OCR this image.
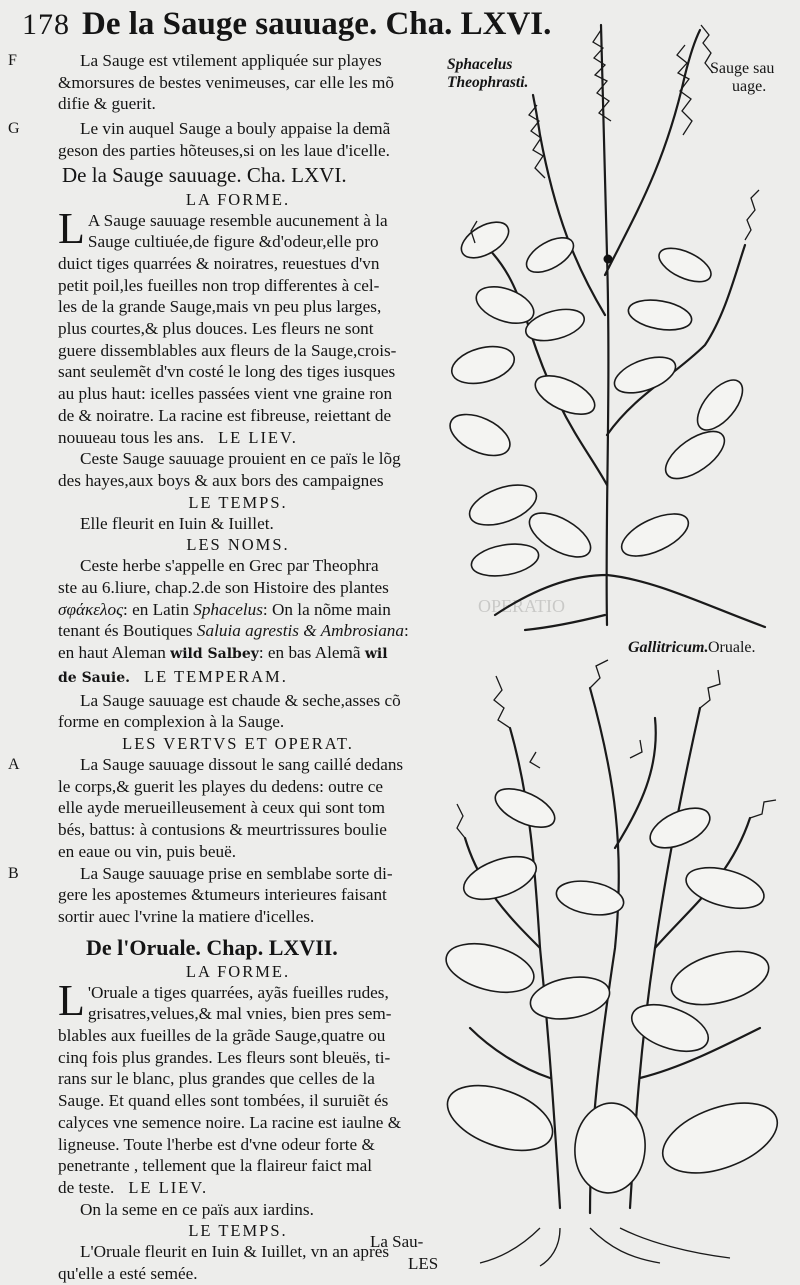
178 De la Sauge sauuage. Cha. LXVI.
OPERATIO
Sphacelus
Theophrasti.
Sauge sau
uage.
Gallitricum. Oruale.
F	La Sauge est vtilement appliquée sur playes
&morsures de bestes venimeuses, car elle les mõ
difie & guerit.
G	Le vin auquel Sauge a bouly appaise la demã
geson des parties hõteuses,si on les laue d'icelle.
De la Sauge sauuage. Cha. LXVI.
LA FORME.
L A Sauge sauuage resemble aucunement à la
Sauge cultiuée,de figure &d'odeur,elle pro
duict tiges quarrées & noiratres, reuestues d'vn
petit poil,les fueilles non trop differentes à cel-
les de la grande Sauge,mais vn peu plus larges,
plus courtes,& plus douces. Les fleurs ne sont
guere dissemblables aux fleurs de la Sauge,crois-
sant seulemẽt d'vn costé le long des tiges iusques
au plus haut: icelles passées vient vne graine ron
de & noiratre. La racine est fibreuse, reiettant de
nouueau tous les ans. LE LIEV.
Ceste Sauge sauuage prouient en ce païs le lõg
des hayes,aux boys & aux bors des campaignes
LE TEMPS.
Elle fleurit en Iuin & Iuillet.
LES NOMS.
Ceste herbe s'appelle en Grec par Theophra
ste au 6.liure, chap.2.de son Histoire des plantes
σφάκελος: en Latin Sphacelus: On la nõme main
tenant és Boutiques Saluia agrestis & Ambrosiana:
en haut Aleman wild Salbey: en bas Alemã wil
de Sauie. LE TEMPERAM.
La Sauge sauuage est chaude & seche,asses cõ
forme en complexion à la Sauge.
LES VERTVS ET OPERAT.
A	La Sauge sauuage dissout le sang caillé dedans
le corps,& guerit les playes du dedens: outre ce
elle ayde merueilleusement à ceux qui sont tom
bés, battus: à contusions & meurtrissures boulie
en eaue ou vin, puis beuë.
B	La Sauge sauuage prise en semblabe sorte di-
gere les apostemes &tumeurs interieures faisant
sortir auec l'vrine la matiere d'icelles.
De l'Oruale. Chap. LXVII.
LA FORME.
L 'Oruale a tiges quarrées, ayãs fueilles rudes,
grisatres,velues,& mal vnies, bien pres sem-
blables aux fueilles de la grãde Sauge,quatre ou
cinq fois plus grandes. Les fleurs sont bleuës, ti-
rans sur le blanc, plus grandes que celles de la
Sauge. Et quand elles sont tombées, il suruiẽt és
calyces vne semence noire. La racine est iaulne &
ligneuse. Toute l'herbe est d'vne odeur forte &
penetrante , tellement que la flaireur faict mal
de teste. LE LIEV.
On la seme en ce païs aux iardins.
LE TEMPS.
L'Oruale fleurit en Iuin & Iuillet, vn an apres
qu'elle a esté semée.
La Sau-
LES
